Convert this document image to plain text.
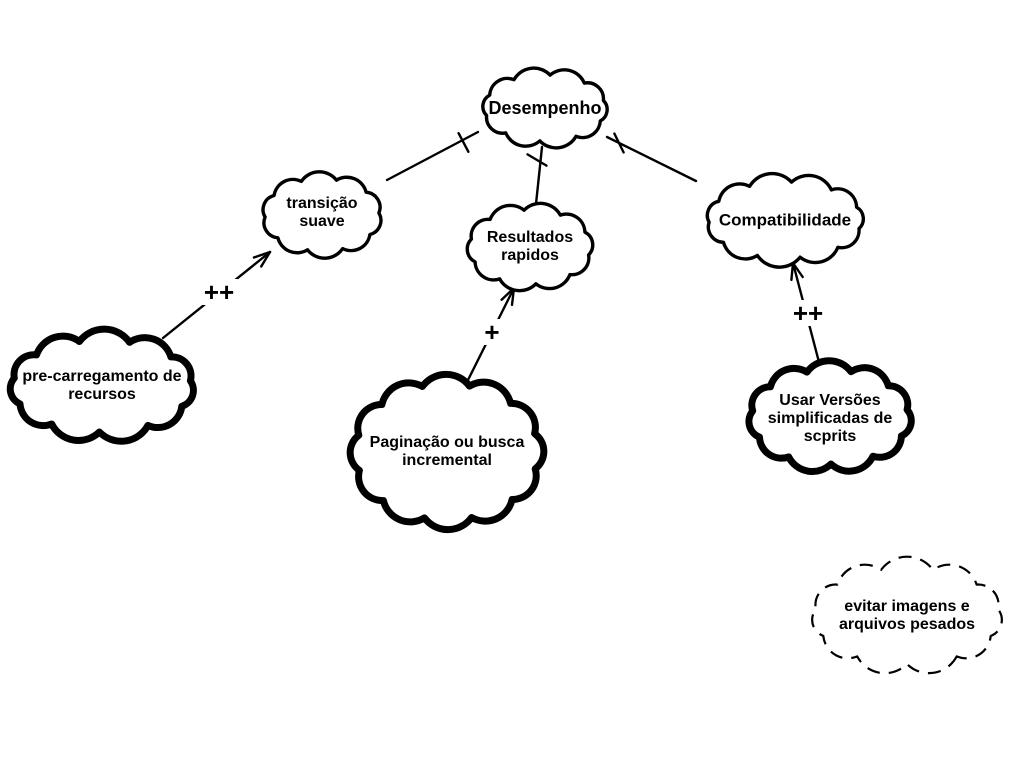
Desempenho
transição suave
Resultados rapidos
Compatibilidade
pre-carregamento de recursos
Paginação ou busca incremental
Usar Versões simplificadas de scprits
evitar imagens e arquivos pesados
++
+
++
